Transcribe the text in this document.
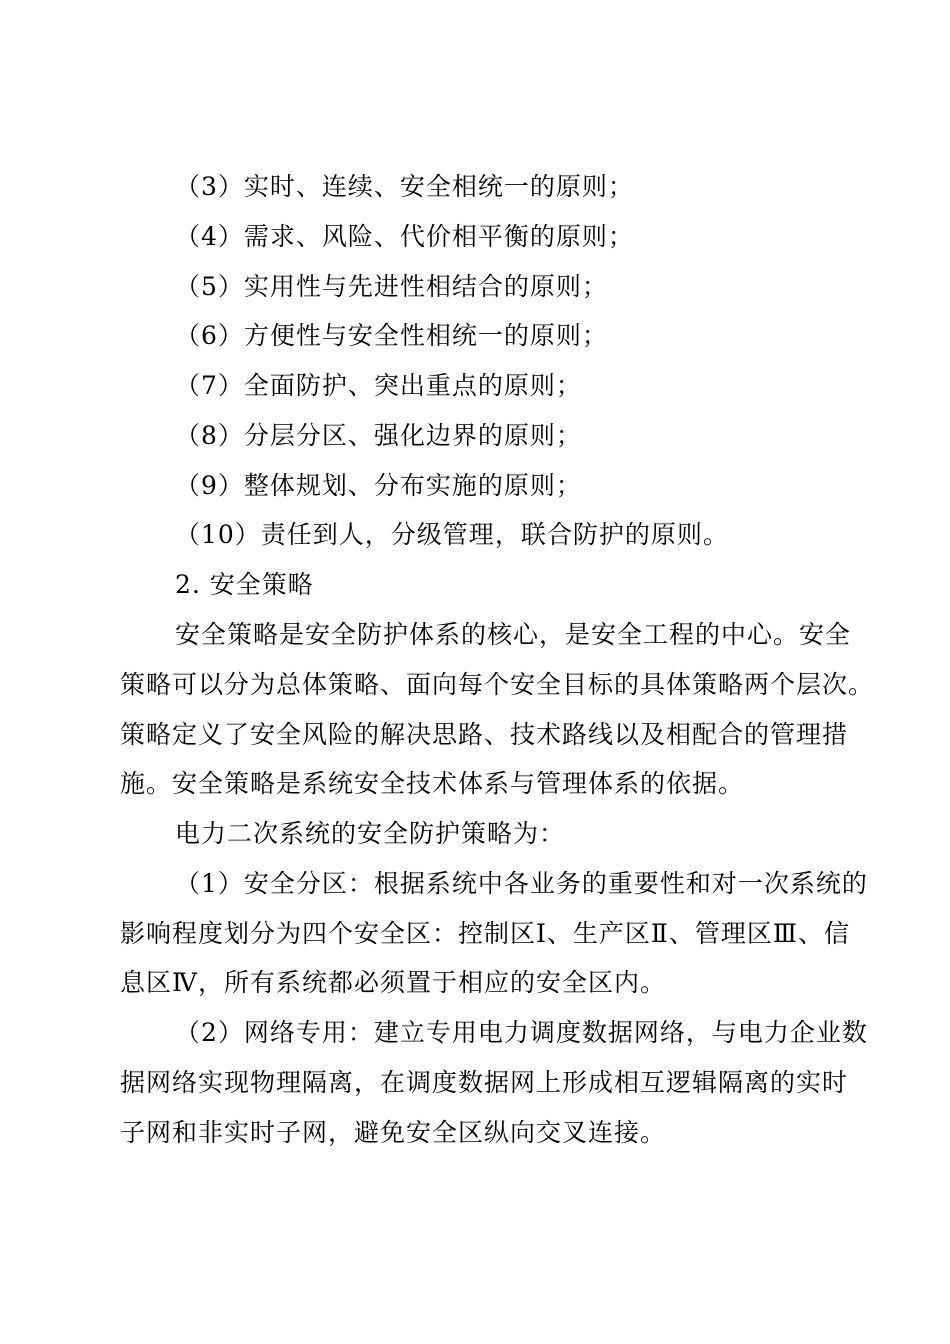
（3）实时、连续、安全相统一的原则；
（4）需求、风险、代价相平衡的原则；
（5）实用性与先进性相结合的原则；
（6）方便性与安全性相统一的原则；
（7）全面防护、突出重点的原则；
（8）分层分区、强化边界的原则；
（9）整体规划、分布实施的原则；
（10）责任到人，分级管理，联合防护的原则。
2. 安全策略
安全策略是安全防护体系的核心，是安全工程的中心。安全
策略可以分为总体策略、面向每个安全目标的具体策略两个层次。
策略定义了安全风险的解决思路、技术路线以及相配合的管理措
施。安全策略是系统安全技术体系与管理体系的依据。
电力二次系统的安全防护策略为：
（1）安全分区：根据系统中各业务的重要性和对一次系统的
影响程度划分为四个安全区：控制区Ⅰ、生产区Ⅱ、管理区Ⅲ、信
息区Ⅳ，所有系统都必须置于相应的安全区内。
（2）网络专用：建立专用电力调度数据网络，与电力企业数
据网络实现物理隔离，在调度数据网上形成相互逻辑隔离的实时
子网和非实时子网，避免安全区纵向交叉连接。
